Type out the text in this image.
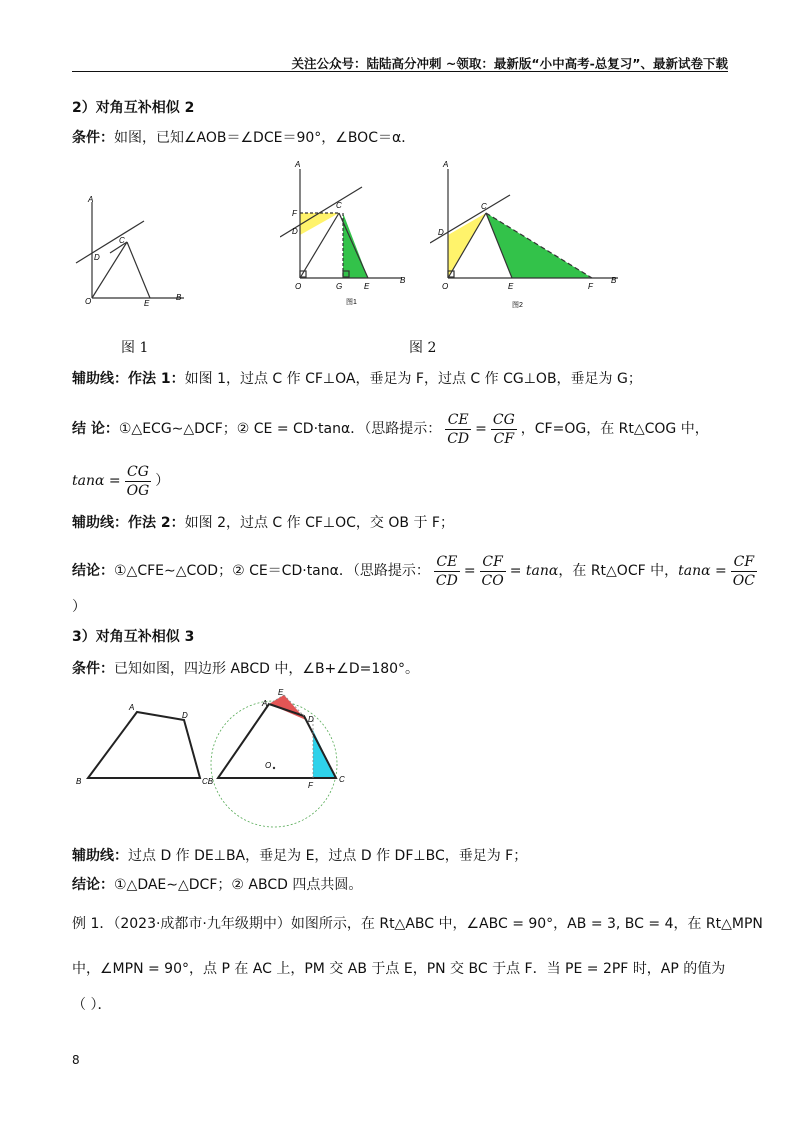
关注公众号：陆陆高分冲刺 ~领取：最新版“小中高考-总复习”、最新试卷下载
2）对角互补相似 2
条件：如图，已知∠AOB＝∠DCE＝90°，∠BOC＝α．
A
C
D
O	E
B
图 1
A
F
C
D
O	G	E
B
图1
A
C
D
O	E	F
B
图2
图 2
辅助线：作法 1：如图 1，过点 C 作 CF⊥OA，垂足为 F，过点 C 作 CG⊥OB，垂足为 G；
结 论： ①△ECG∼△DCF；② CE = CD·tanα．（思路提示： $\frac{CE}{CD} = \frac{CG}{CF}$ ，CF=OG，在 Rt△COG 中，
$\tan\alpha = \frac{CG}{OG}$ ）
辅助线：作法 2：如图 2，过点 C 作 CF⊥OC，交 OB 于 F；
结论： ①△CFE∼△COD；② CE＝CD·tanα．（思路提示： $\frac{CE}{CD} = \frac{CF}{CO} = \tan\alpha$ ，在 Rt△OCF 中， $\tan\alpha = \frac{CF}{OC}$
）
3）对角互补相似 3
条件：已知如图，四边形 ABCD 中，∠B+∠D=180°。
A
D
B	CB
E
A
D
O
F
C
辅助线：过点 D 作 DE⊥BA，垂足为 E，过点 D 作 DF⊥BC，垂足为 F；
结论：①△DAE∼△DCF；② ABCD 四点共圆。
例 1．（2023·成都市·九年级期中）如图所示，在 Rt△ABC 中，∠ABC = 90°，AB = 3, BC = 4，在 Rt△MPN
中，∠MPN = 90°，点 P 在 AC 上，PM 交 AB 于点 E，PN 交 BC 于点 F．当 PE = 2PF 时，AP 的值为
（ ）．
8
